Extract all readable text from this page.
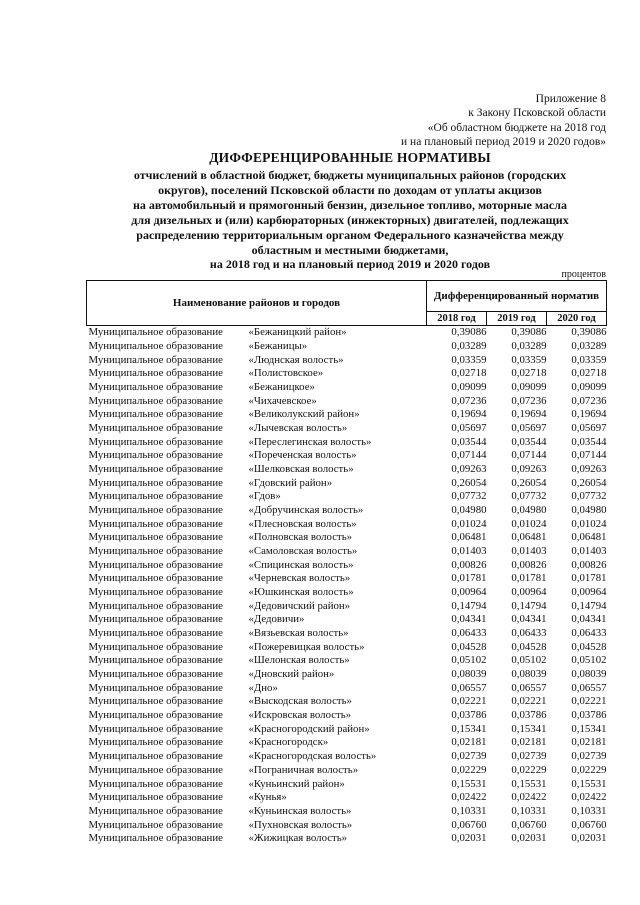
Приложение 8
к Закону Псковской области
«Об областном бюджете на 2018 год
и на плановый период 2019 и 2020 годов»
ДИФФЕРЕНЦИРОВАННЫЕ НОРМАТИВЫ
отчислений в областной бюджет, бюджеты муниципальных районов (городских
округов), поселений Псковской области по доходам от уплаты акцизов
на автомобильный и прямогонный бензин, дизельное топливо, моторные масла
для дизельных и (или) карбюраторных (инжекторных) двигателей, подлежащих
распределению территориальным органом Федерального казначейства между
областным и местными бюджетами,
на 2018 год и на плановый период 2019 и 2020 годов
процентов
Наименование районов и городов	Дифференцированный норматив		
	2018 год	2019 год	2020 год
Муниципальное образование «Бежаницкий район»	0,39086	0,39086	0,39086
Муниципальное образование «Бежаницы»	0,03289	0,03289	0,03289
Муниципальное образование «Люднская волость»	0,03359	0,03359	0,03359
Муниципальное образование «Полистовское»	0,02718	0,02718	0,02718
Муниципальное образование «Бежаницкое»	0,09099	0,09099	0,09099
Муниципальное образование «Чихачевское»	0,07236	0,07236	0,07236
Муниципальное образование «Великолукский район»	0,19694	0,19694	0,19694
Муниципальное образование «Лычевская волость»	0,05697	0,05697	0,05697
Муниципальное образование «Переслегинская волость»	0,03544	0,03544	0,03544
Муниципальное образование «Пореченская волость»	0,07144	0,07144	0,07144
Муниципальное образование «Шелковская волость»	0,09263	0,09263	0,09263
Муниципальное образование «Гдовский район»	0,26054	0,26054	0,26054
Муниципальное образование «Гдов»	0,07732	0,07732	0,07732
Муниципальное образование «Добручинская волость»	0,04980	0,04980	0,04980
Муниципальное образование «Плесновская волость»	0,01024	0,01024	0,01024
Муниципальное образование «Полновская волость»	0,06481	0,06481	0,06481
Муниципальное образование «Самоловская волость»	0,01403	0,01403	0,01403
Муниципальное образование «Спицинская волость»	0,00826	0,00826	0,00826
Муниципальное образование «Черневская волость»	0,01781	0,01781	0,01781
Муниципальное образование «Юшкинская волость»	0,00964	0,00964	0,00964
Муниципальное образование «Дедовичский район»	0,14794	0,14794	0,14794
Муниципальное образование «Дедовичи»	0,04341	0,04341	0,04341
Муниципальное образование «Вязьевская волость»	0,06433	0,06433	0,06433
Муниципальное образование «Пожеревицкая волость»	0,04528	0,04528	0,04528
Муниципальное образование «Шелонская волость»	0,05102	0,05102	0,05102
Муниципальное образование «Дновский район»	0,08039	0,08039	0,08039
Муниципальное образование «Дно»	0,06557	0,06557	0,06557
Муниципальное образование «Выскодская волость»	0,02221	0,02221	0,02221
Муниципальное образование «Искровская волость»	0,03786	0,03786	0,03786
Муниципальное образование «Красногородский район»	0,15341	0,15341	0,15341
Муниципальное образование «Красногородск»	0,02181	0,02181	0,02181
Муниципальное образование «Красногородская волость»	0,02739	0,02739	0,02739
Муниципальное образование «Пограничная волость»	0,02229	0,02229	0,02229
Муниципальное образование «Куньинский район»	0,15531	0,15531	0,15531
Муниципальное образование «Кунья»	0,02422	0,02422	0,02422
Муниципальное образование «Куньинская волость»	0,10331	0,10331	0,10331
Муниципальное образование «Пухновская волость»	0,06760	0,06760	0,06760
Муниципальное образование «Жижицкая волость»	0,02031	0,02031	0,02031
